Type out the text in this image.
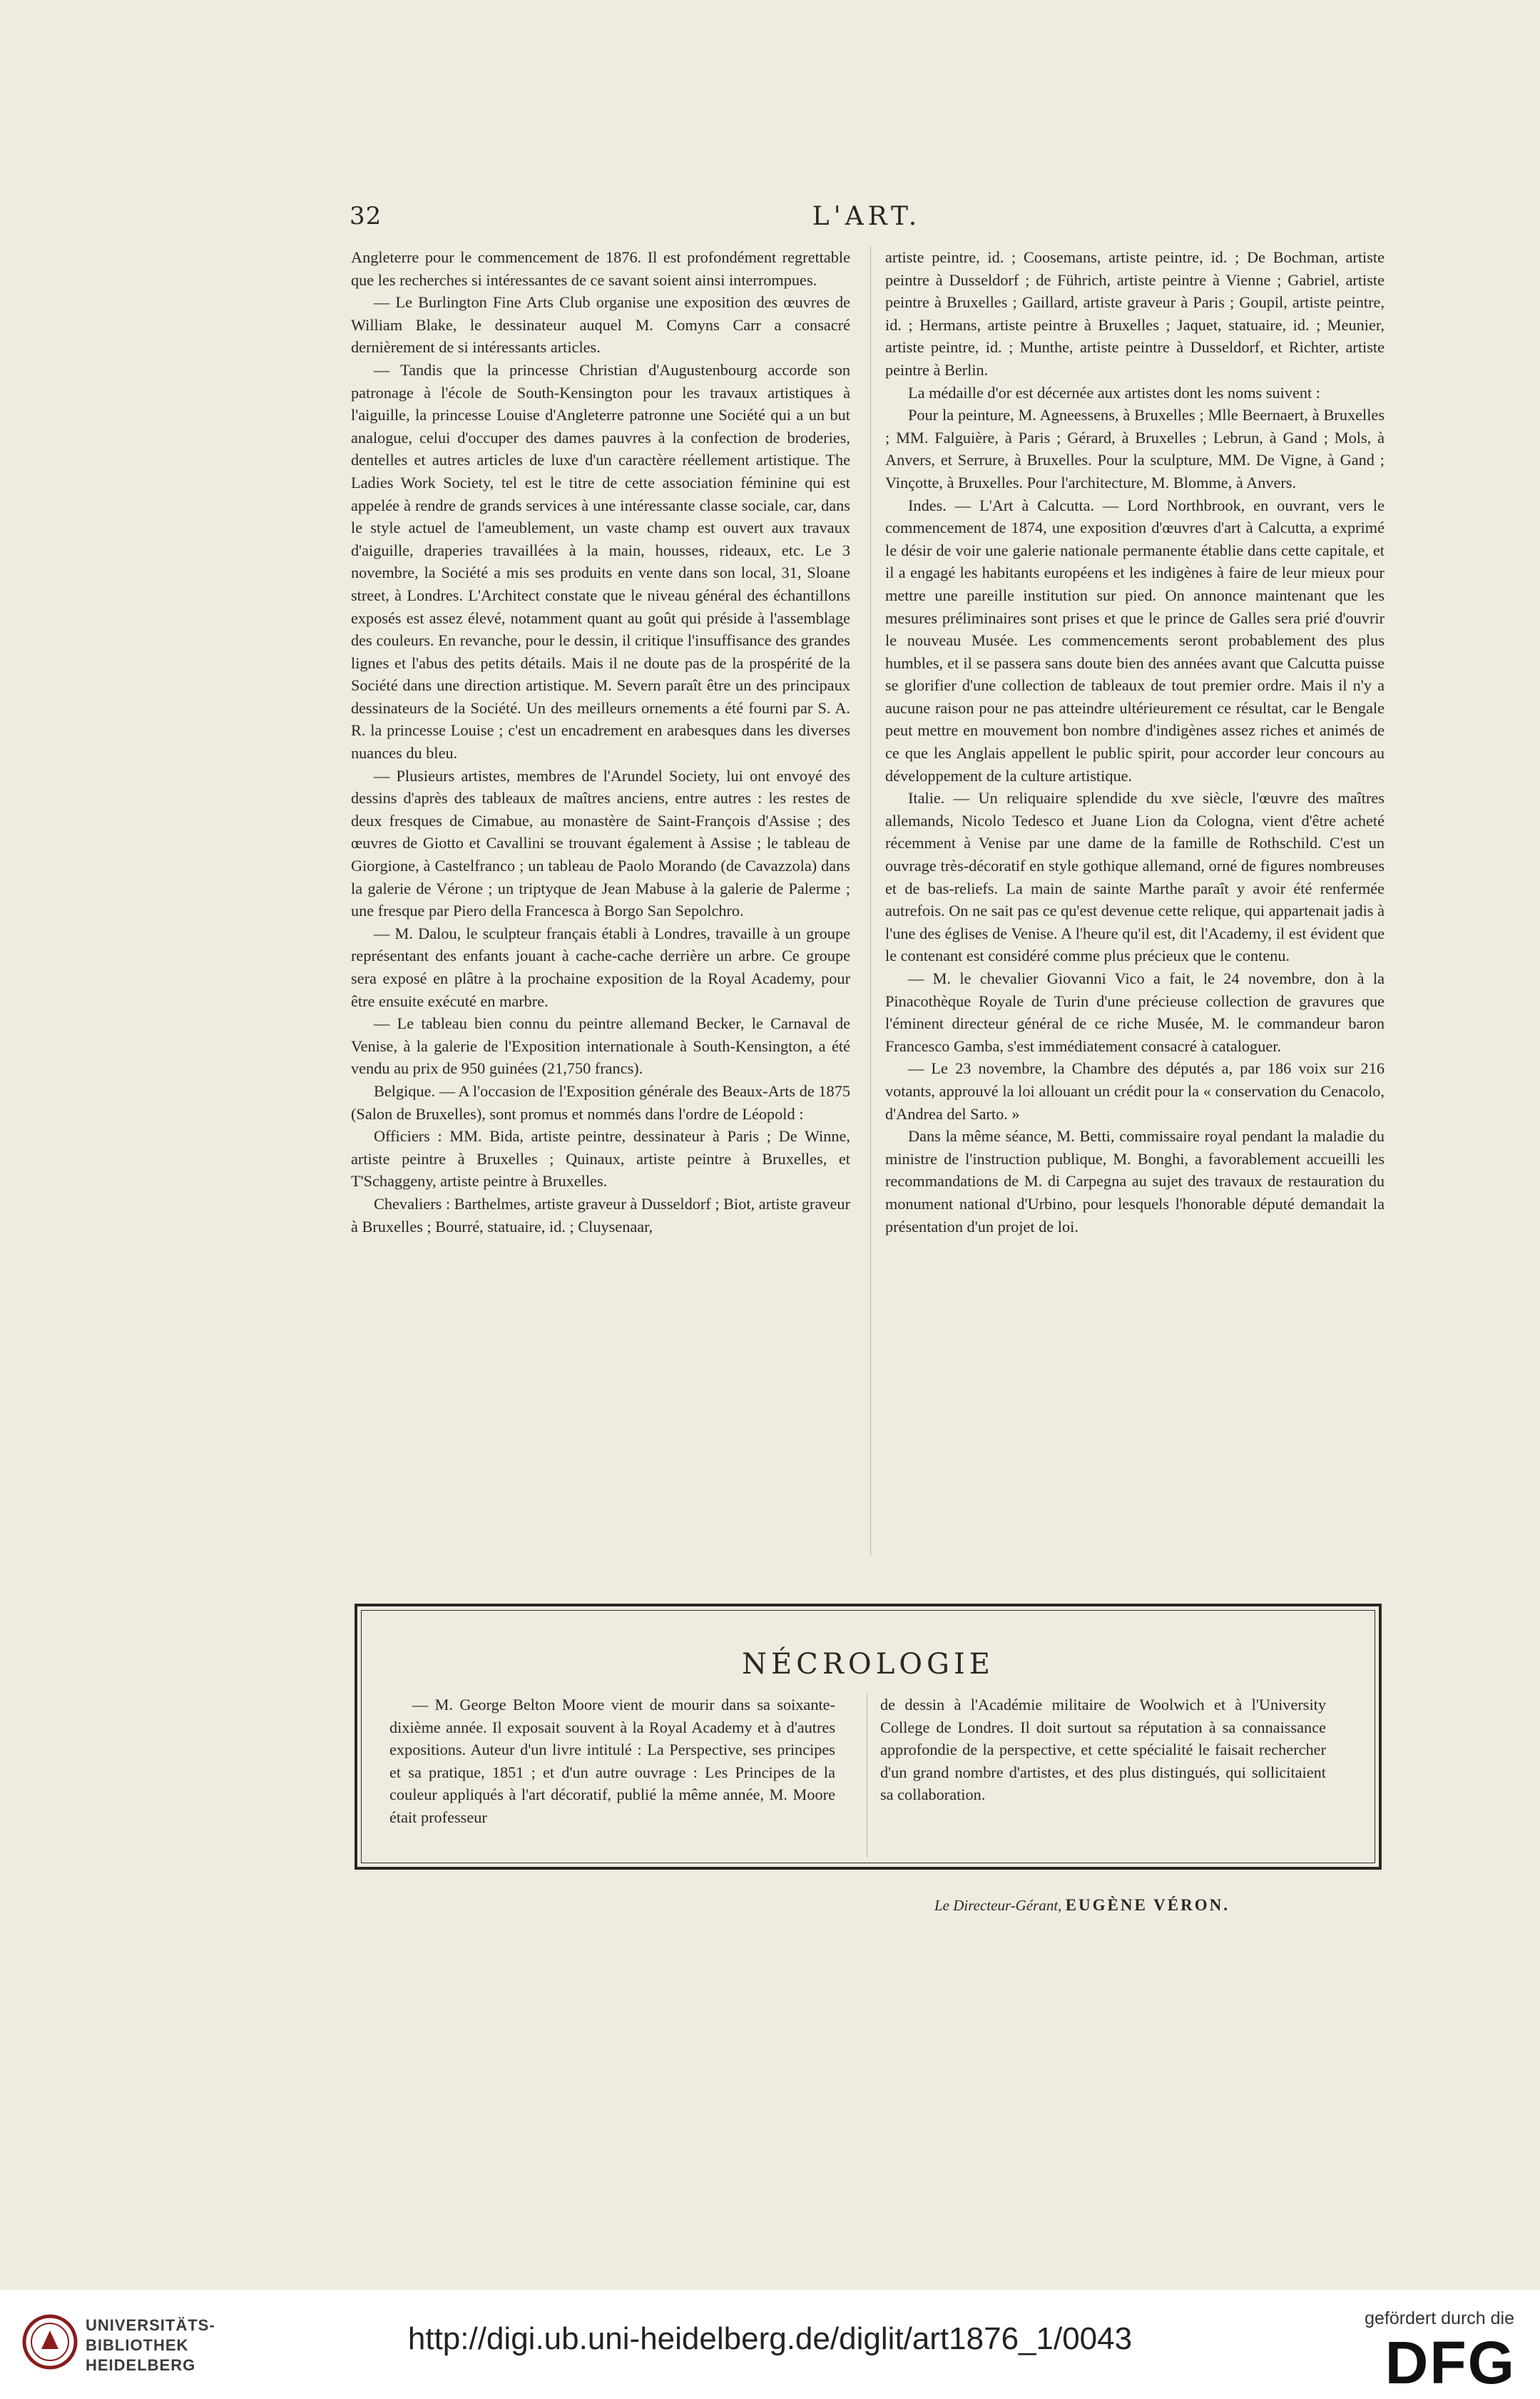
32	L'ART.

Angleterre pour le commencement de 1876. Il est profondément regrettable que les recherches si intéressantes de ce savant soient ainsi interrompues.

— Le Burlington Fine Arts Club organise une exposition des œuvres de William Blake, le dessinateur auquel M. Comyns Carr a consacré dernièrement de si intéressants articles.

— Tandis que la princesse Christian d'Augustenbourg accorde son patronage à l'école de South-Kensington pour les travaux artistiques à l'aiguille, la princesse Louise d'Angleterre patronne une Société qui a un but analogue, celui d'occuper des dames pauvres à la confection de broderies, dentelles et autres articles de luxe d'un caractère réellement artistique. The Ladies Work Society, tel est le titre de cette association féminine qui est appelée à rendre de grands services à une intéressante classe sociale, car, dans le style actuel de l'ameublement, un vaste champ est ouvert aux travaux d'aiguille, draperies travaillées à la main, housses, rideaux, etc. Le 3 novembre, la Société a mis ses produits en vente dans son local, 31, Sloane street, à Londres. L'Architect constate que le niveau général des échantillons exposés est assez élevé, notamment quant au goût qui préside à l'assemblage des couleurs. En revanche, pour le dessin, il critique l'insuffisance des grandes lignes et l'abus des petits détails. Mais il ne doute pas de la prospérité de la Société dans une direction artistique. M. Severn paraît être un des principaux dessinateurs de la Société. Un des meilleurs ornements a été fourni par S. A. R. la princesse Louise ; c'est un encadrement en arabesques dans les diverses nuances du bleu.

— Plusieurs artistes, membres de l'Arundel Society, lui ont envoyé des dessins d'après des tableaux de maîtres anciens, entre autres : les restes de deux fresques de Cimabue, au monastère de Saint-François d'Assise ; des œuvres de Giotto et Cavallini se trouvant également à Assise ; le tableau de Giorgione, à Castelfranco ; un tableau de Paolo Morando (de Cavazzola) dans la galerie de Vérone ; un triptyque de Jean Mabuse à la galerie de Palerme ; une fresque par Piero della Francesca à Borgo San Sepolchro.

— M. Dalou, le sculpteur français établi à Londres, travaille à un groupe représentant des enfants jouant à cache-cache derrière un arbre. Ce groupe sera exposé en plâtre à la prochaine exposition de la Royal Academy, pour être ensuite exécuté en marbre.

— Le tableau bien connu du peintre allemand Becker, le Carnaval de Venise, à la galerie de l'Exposition internationale à South-Kensington, a été vendu au prix de 950 guinées (21,750 francs).

Belgique. — A l'occasion de l'Exposition générale des Beaux-Arts de 1875 (Salon de Bruxelles), sont promus et nommés dans l'ordre de Léopold :

Officiers : MM. Bida, artiste peintre, dessinateur à Paris ; De Winne, artiste peintre à Bruxelles ; Quinaux, artiste peintre à Bruxelles, et T'Schaggeny, artiste peintre à Bruxelles.

Chevaliers : Barthelmes, artiste graveur à Dusseldorf ; Biot, artiste graveur à Bruxelles ; Bourré, statuaire, id. ; Cluysenaar,

artiste peintre, id. ; Coosemans, artiste peintre, id. ; De Bochman, artiste peintre à Dusseldorf ; de Führich, artiste peintre à Vienne ; Gabriel, artiste peintre à Bruxelles ; Gaillard, artiste graveur à Paris ; Goupil, artiste peintre, id. ; Hermans, artiste peintre à Bruxelles ; Jaquet, statuaire, id. ; Meunier, artiste peintre, id. ; Munthe, artiste peintre à Dusseldorf, et Richter, artiste peintre à Berlin.

La médaille d'or est décernée aux artistes dont les noms suivent :

Pour la peinture, M. Agneessens, à Bruxelles ; Mlle Beernaert, à Bruxelles ; MM. Falguière, à Paris ; Gérard, à Bruxelles ; Lebrun, à Gand ; Mols, à Anvers, et Serrure, à Bruxelles. Pour la sculpture, MM. De Vigne, à Gand ; Vinçotte, à Bruxelles. Pour l'architecture, M. Blomme, à Anvers.

Indes. — L'Art à Calcutta. — Lord Northbrook, en ouvrant, vers le commencement de 1874, une exposition d'œuvres d'art à Calcutta, a exprimé le désir de voir une galerie nationale permanente établie dans cette capitale, et il a engagé les habitants européens et les indigènes à faire de leur mieux pour mettre une pareille institution sur pied. On annonce maintenant que les mesures préliminaires sont prises et que le prince de Galles sera prié d'ouvrir le nouveau Musée. Les commencements seront probablement des plus humbles, et il se passera sans doute bien des années avant que Calcutta puisse se glorifier d'une collection de tableaux de tout premier ordre. Mais il n'y a aucune raison pour ne pas atteindre ultérieurement ce résultat, car le Bengale peut mettre en mouvement bon nombre d'indigènes assez riches et animés de ce que les Anglais appellent le public spirit, pour accorder leur concours au développement de la culture artistique.

Italie. — Un reliquaire splendide du xve siècle, l'œuvre des maîtres allemands, Nicolo Tedesco et Juane Lion da Cologna, vient d'être acheté récemment à Venise par une dame de la famille de Rothschild. C'est un ouvrage très-décoratif en style gothique allemand, orné de figures nombreuses et de bas-reliefs. La main de sainte Marthe paraît y avoir été renfermée autrefois. On ne sait pas ce qu'est devenue cette relique, qui appartenait jadis à l'une des églises de Venise. A l'heure qu'il est, dit l'Academy, il est évident que le contenant est considéré comme plus précieux que le contenu.

— M. le chevalier Giovanni Vico a fait, le 24 novembre, don à la Pinacothèque Royale de Turin d'une précieuse collection de gravures que l'éminent directeur général de ce riche Musée, M. le commandeur baron Francesco Gamba, s'est immédiatement consacré à cataloguer.

— Le 23 novembre, la Chambre des députés a, par 186 voix sur 216 votants, approuvé la loi allouant un crédit pour la « conservation du Cenacolo, d'Andrea del Sarto. »

Dans la même séance, M. Betti, commissaire royal pendant la maladie du ministre de l'instruction publique, M. Bonghi, a favorablement accueilli les recommandations de M. di Carpegna au sujet des travaux de restauration du monument national d'Urbino, pour lesquels l'honorable député demandait la présentation d'un projet de loi.

NÉCROLOGIE

— M. George Belton Moore vient de mourir dans sa soixante-dixième année. Il exposait souvent à la Royal Academy et à d'autres expositions. Auteur d'un livre intitulé : La Perspective, ses principes et sa pratique, 1851 ; et d'un autre ouvrage : Les Principes de la couleur appliqués à l'art décoratif, publié la même année, M. Moore était professeur

de dessin à l'Académie militaire de Woolwich et à l'University College de Londres. Il doit surtout sa réputation à sa connaissance approfondie de la perspective, et cette spécialité le faisait rechercher d'un grand nombre d'artistes, et des plus distingués, qui sollicitaient sa collaboration.

Le Directeur-Gérant, EUGÈNE VÉRON.
UNIVERSITÄTS-
BIBLIOTHEK
HEIDELBERG
http://digi.ub.uni-heidelberg.de/diglit/art1876_1/0043
gefördert durch die
DFG
